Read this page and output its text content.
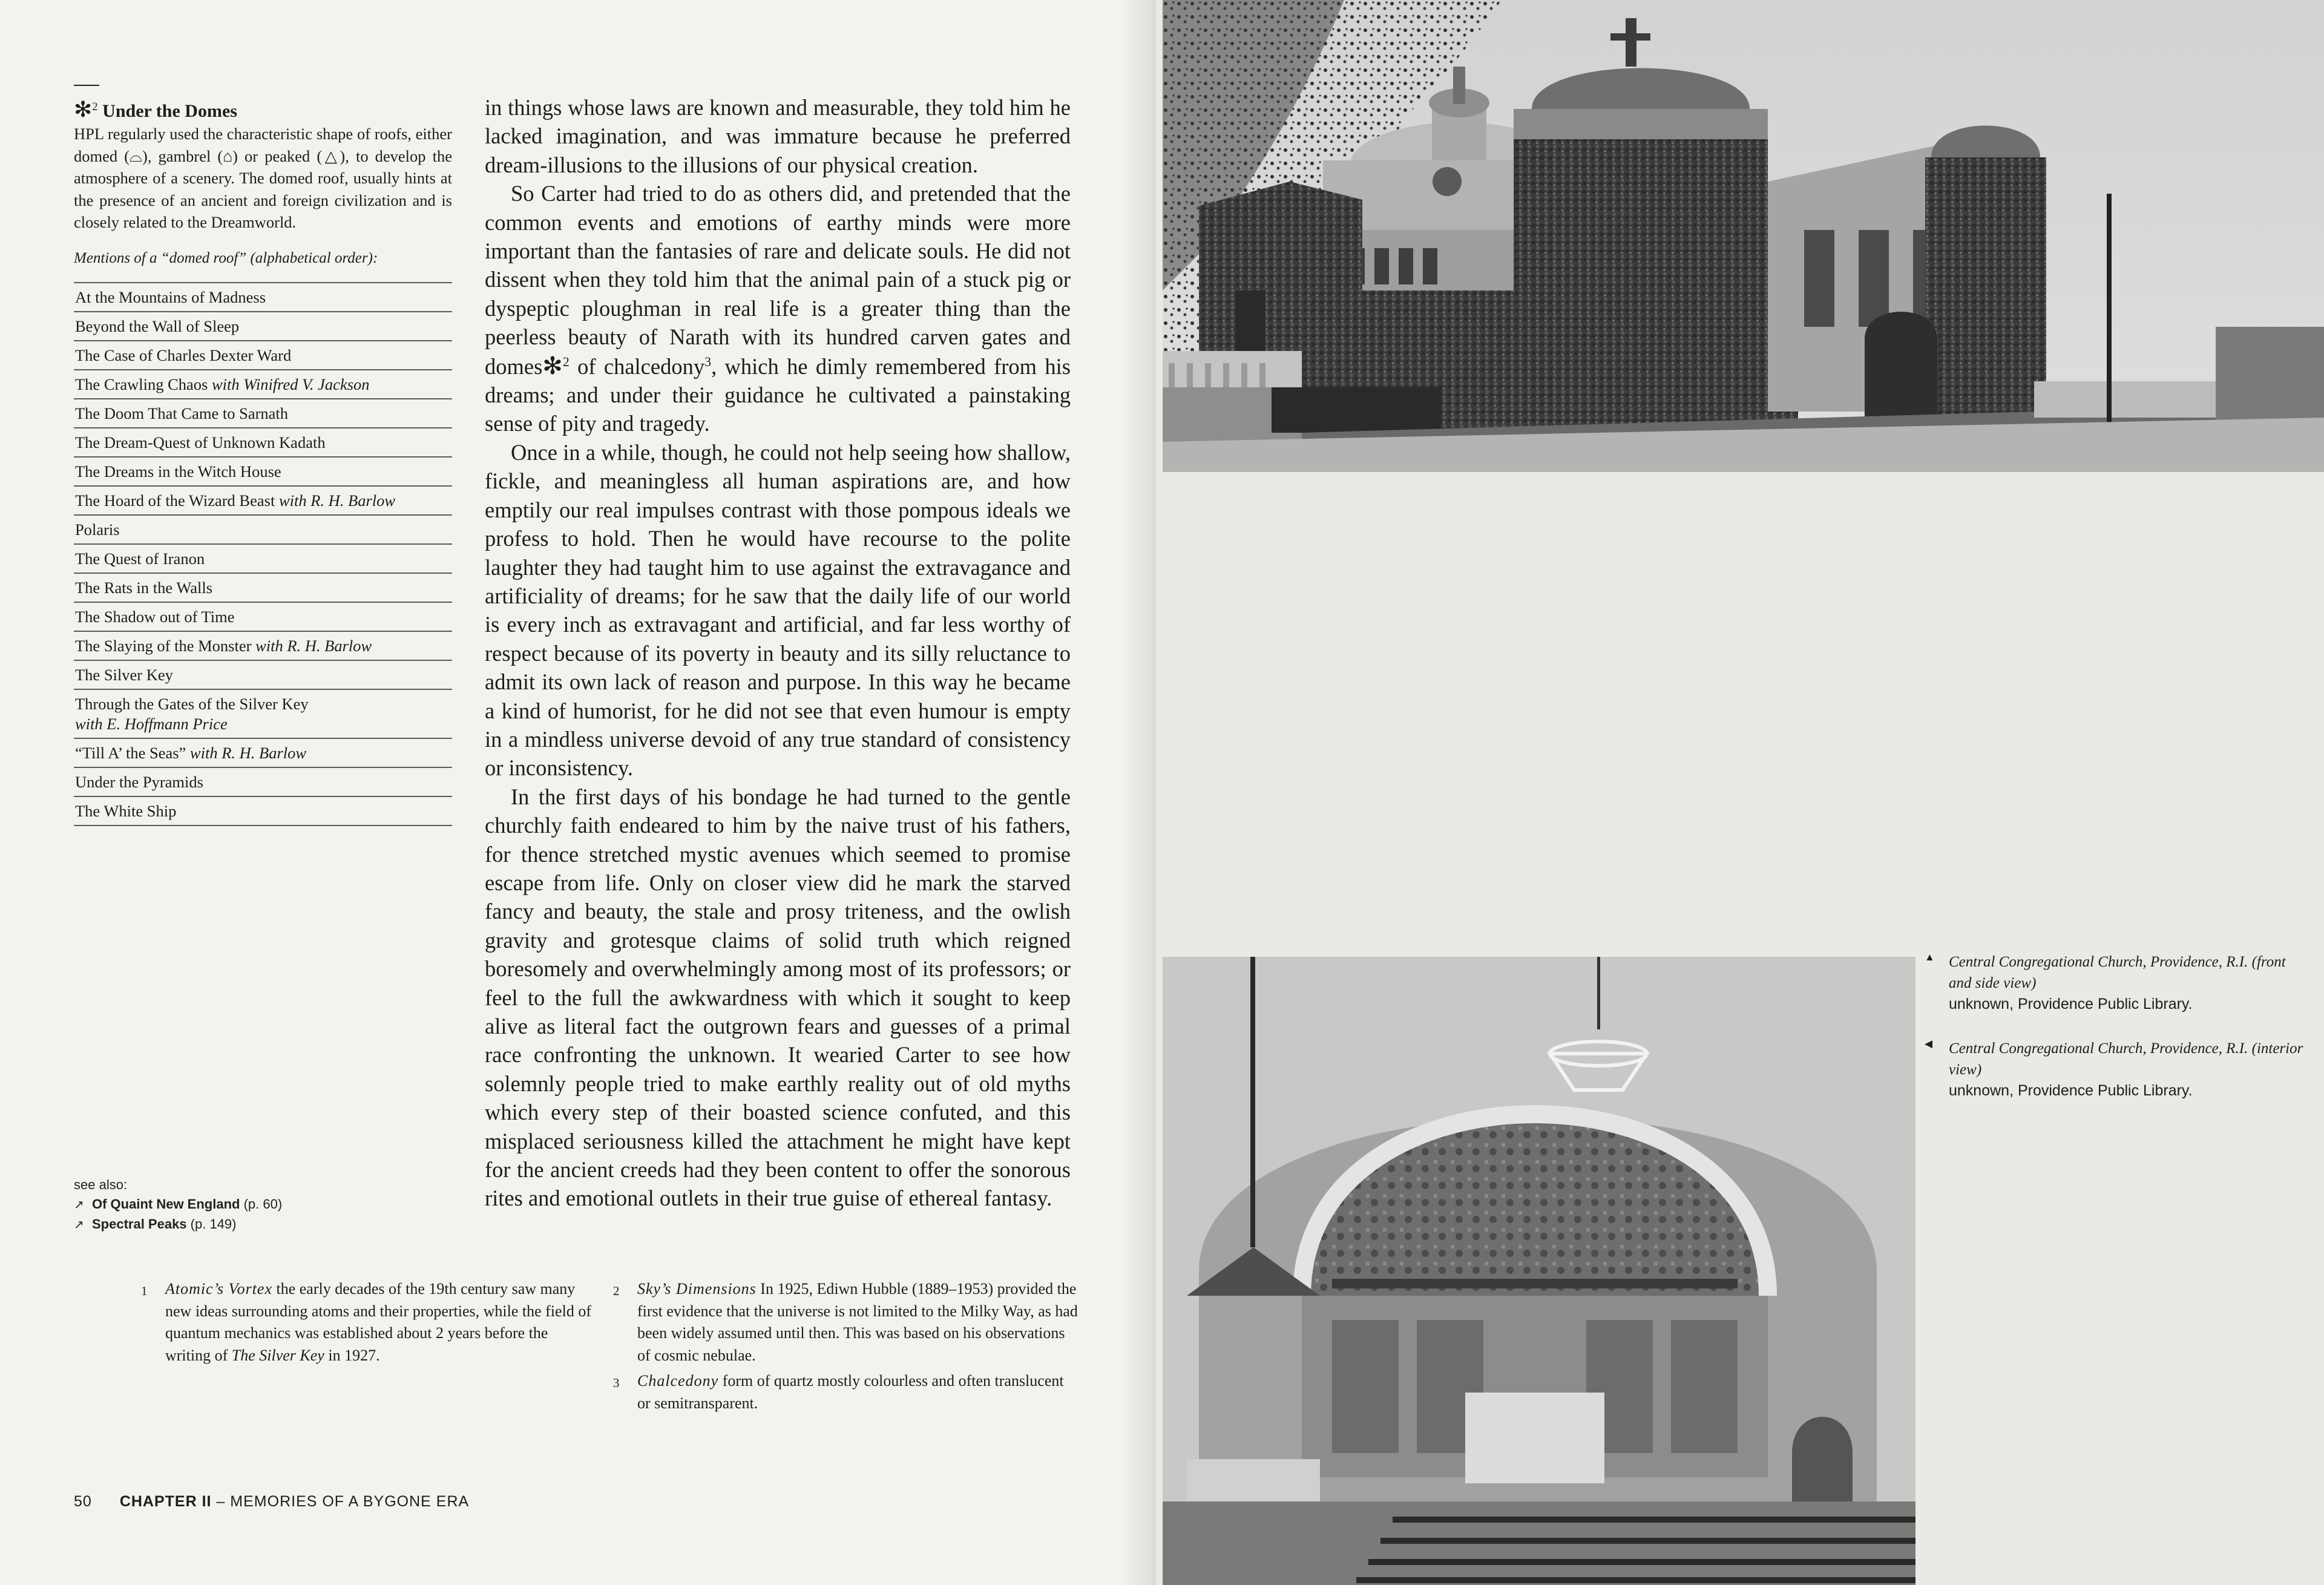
✻$^2$ Under the Domes

HPL regularly used the characteristic shape of roofs, either domed (⌓), gambrel (⌂) or peaked (△), to develop the atmosphere of a scenery. The domed roof, usually hints at the presence of an ancient and foreign civilization and is closely related to the Dreamworld.

Mentions of a “domed roof” (alphabetical order):
At the Mountains of Madness
Beyond the Wall of Sleep
The Case of Charles Dexter Ward
The Crawling Chaos with Winifred V. Jackson
The Doom That Came to Sarnath
The Dream-Quest of Unknown Kadath
The Dreams in the Witch House
The Hoard of the Wizard Beast with R. H. Barlow
Polaris
The Quest of Iranon
The Rats in the Walls
The Shadow out of Time
The Slaying of the Monster with R. H. Barlow
The Silver Key
Through the Gates of the Silver Key
with E. Hoffmann Price
“Till A’ the Seas” with R. H. Barlow
Under the Pyramids
The White Ship
see also:
↗ Of Quaint New England (p. 60)
↗ Spectral Peaks (p. 149)

in things whose laws are known and measurable, they told him he lacked imagination, and was immature because he preferred dream-illusions to the illusions of our physical creation.

So Carter had tried to do as others did, and pretended that the common events and emotions of earthy minds were more important than the fantasies of rare and delicate souls. He did not dissent when they told him that the animal pain of a stuck pig or dyspeptic ploughman in real life is a greater thing than the peerless beauty of Narath with its hundred carven gates and domes✻$^2$ of chalcedony$^3$, which he dimly remembered from his dreams; and under their guidance he cultivated a painstaking sense of pity and tragedy.

Once in a while, though, he could not help seeing how shallow, fickle, and meaningless all human aspirations are, and how emptily our real impulses contrast with those pompous ideals we profess to hold. Then he would have recourse to the polite laughter they had taught him to use against the extravagance and artificiality of dreams; for he saw that the daily life of our world is every inch as extravagant and artificial, and far less worthy of respect because of its poverty in beauty and its silly reluctance to admit its own lack of reason and purpose. In this way he became a kind of humorist, for he did not see that even humour is empty in a mindless universe devoid of any true standard of consistency or inconsistency.

In the first days of his bondage he had turned to the gentle churchly faith endeared to him by the naive trust of his fathers, for thence stretched mystic avenues which seemed to promise escape from life. Only on closer view did he mark the starved fancy and beauty, the stale and prosy triteness, and the owlish gravity and grotesque claims of solid truth which reigned boresomely and overwhelmingly among most of its professors; or feel to the full the awkwardness with which it sought to keep alive as literal fact the outgrown fears and guesses of a primal race confronting the unknown. It wearied Carter to see how solemnly people tried to make earthly reality out of old myths which every step of their boasted science confuted, and this misplaced seriousness killed the attachment he might have kept for the ancient creeds had they been content to offer the sonorous rites and emotional outlets in their true guise of ethereal fantasy.

1	Atomic’s Vortex the early decades of the 19th century saw many new ideas surrounding atoms and their properties, while the field of quantum mechanics was established about 2 years before the writing of The Silver Key in 1927.
2	Sky’s Dimensions In 1925, Ediwn Hubble (1889–1953) provided the first evidence that the universe is not limited to the Milky Way, as had been widely assumed until then. This was based on his observations of cosmic nebulae.
3	Chalcedony form of quartz mostly colourless and often translucent or semitransparent.
50 CHAPTER II – MEMORIES OF A BYGONE ERA
▲ Central Congregational Church, Providence, R.I. (front and side view)
unknown, Providence Public Library.
◀ Central Congregational Church, Providence, R.I. (interior view)
unknown, Providence Public Library.
